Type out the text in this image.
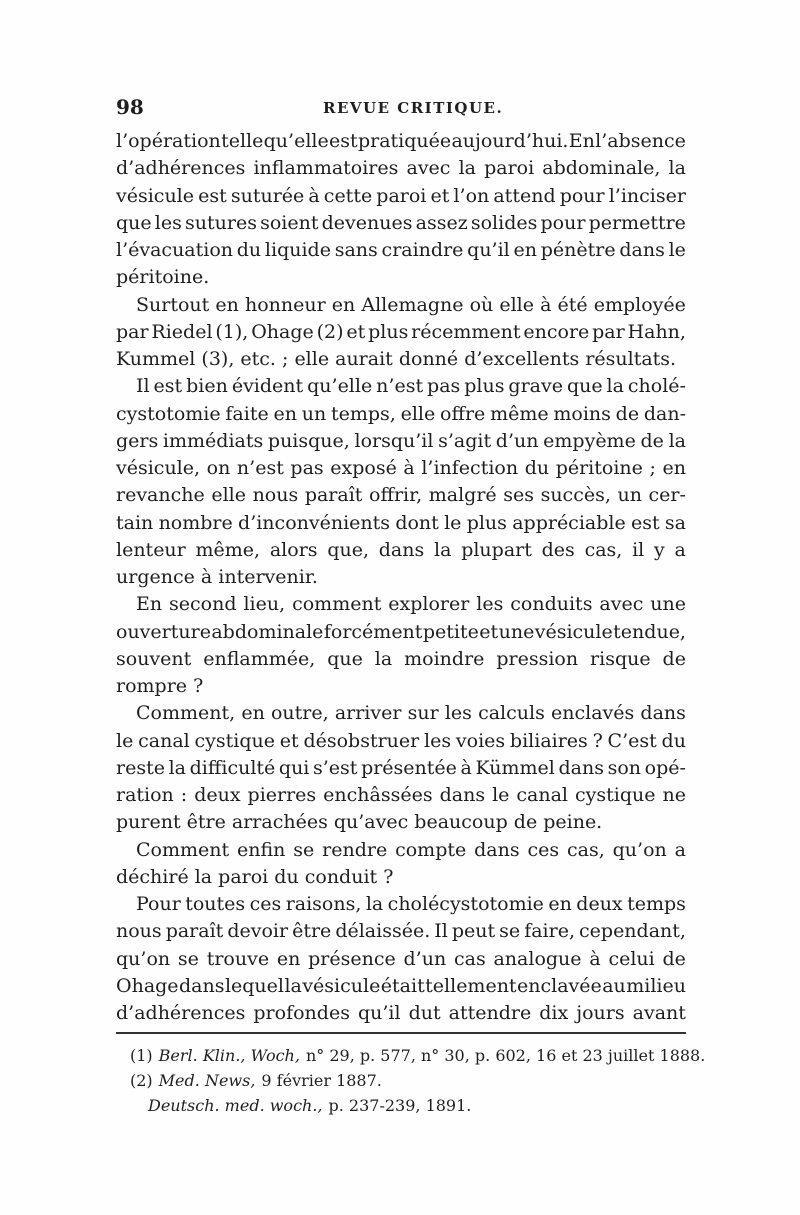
98	REVUE CRITIQUE.
l’opération telle qu’elle est pratiquée aujourd’hui. En l’absence
d’adhérences inflammatoires avec la paroi abdominale, la
vésicule est suturée à cette paroi et l’on attend pour l’inciser
que les sutures soient devenues assez solides pour permettre
l’évacuation du liquide sans craindre qu’il en pénètre dans le
péritoine.
Surtout en honneur en Allemagne où elle à été employée
par Riedel (1), Ohage (2) et plus récemment encore par Hahn,
Kummel (3), etc. ; elle aurait donné d’excellents résultats.
Il est bien évident qu’elle n’est pas plus grave que la cholé-
cystotomie faite en un temps, elle offre même moins de dan-
gers immédiats puisque, lorsqu’il s’agit d’un empyème de la
vésicule, on n’est pas exposé à l’infection du péritoine ; en
revanche elle nous paraît offrir, malgré ses succès, un cer-
tain nombre d’inconvénients dont le plus appréciable est sa
lenteur même, alors que, dans la plupart des cas, il y a
urgence à intervenir.
En second lieu, comment explorer les conduits avec une
ouverture abdominale forcément petite et une vésicule tendue,
souvent enflammée, que la moindre pression risque de
rompre ?
Comment, en outre, arriver sur les calculs enclavés dans
le canal cystique et désobstruer les voies biliaires ? C’est du
reste la difficulté qui s’est présentée à Kümmel dans son opé-
ration : deux pierres enchâssées dans le canal cystique ne
purent être arrachées qu’avec beaucoup de peine.
Comment enfin se rendre compte dans ces cas, qu’on a
déchiré la paroi du conduit ?
Pour toutes ces raisons, la cholécystotomie en deux temps
nous paraît devoir être délaissée. Il peut se faire, cependant,
qu’on se trouve en présence d’un cas analogue à celui de
Ohage dans lequel la vésicule était tellement enclavée au milieu
d’adhérences profondes qu’il dut attendre dix jours avant
(1) Berl. Klin., Woch, n° 29, p. 577, n° 30, p. 602, 16 et 23 juillet 1888.
(2) Med. News, 9 février 1887.
Deutsch. med. woch., p. 237-239, 1891.
